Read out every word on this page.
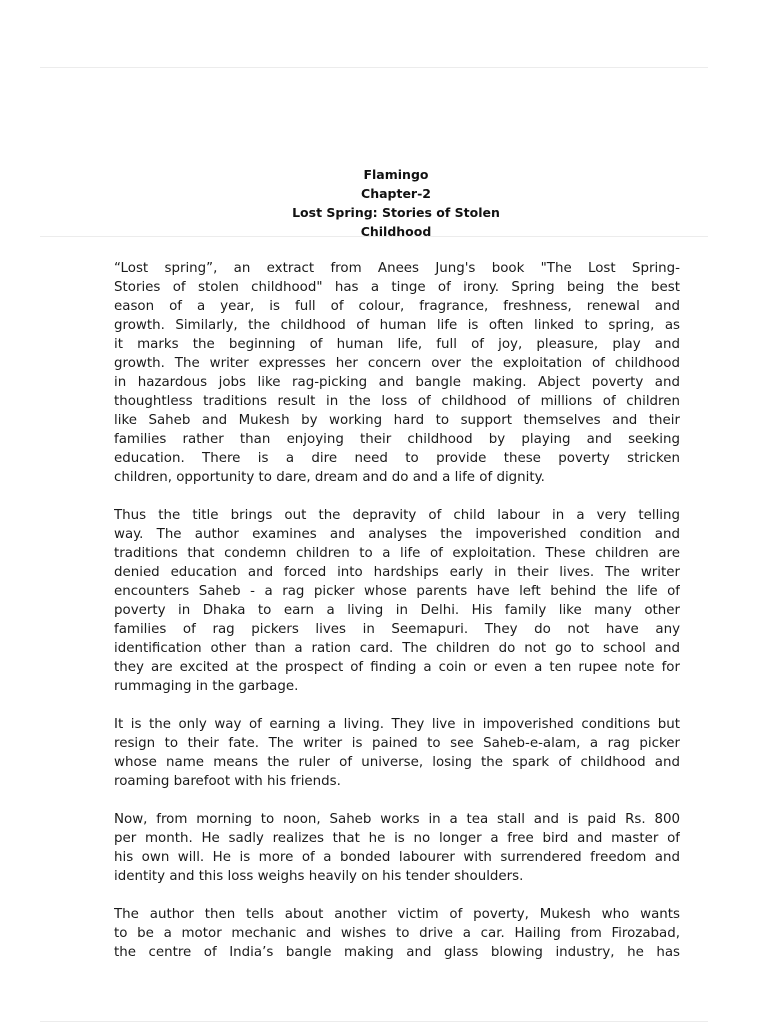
Flamingo
Chapter-2
Lost Spring: Stories of Stolen
Childhood
“Lost spring”, an extract from Anees Jung's book "The Lost Spring-
Stories of stolen childhood" has a tinge of irony. Spring being the best
eason of a year, is full of colour, fragrance, freshness, renewal and
growth. Similarly, the childhood of human life is often linked to spring, as
it marks the beginning of human life, full of joy, pleasure, play and
growth. The writer expresses her concern over the exploitation of childhood
in hazardous jobs like rag-picking and bangle making. Abject poverty and
thoughtless traditions result in the loss of childhood of millions of children
like Saheb and Mukesh by working hard to support themselves and their
families rather than enjoying their childhood by playing and seeking
education. There is a dire need to provide these poverty stricken
children, opportunity to dare, dream and do and a life of dignity.
Thus the title brings out the depravity of child labour in a very telling
way. The author examines and analyses the impoverished condition and
traditions that condemn children to a life of exploitation. These children are
denied education and forced into hardships early in their lives. The writer
encounters Saheb - a rag picker whose parents have left behind the life of
poverty in Dhaka to earn a living in Delhi. His family like many other
families of rag pickers lives in Seemapuri. They do not have any
identification other than a ration card. The children do not go to school and
they are excited at the prospect of finding a coin or even a ten rupee note for
rummaging in the garbage.
It is the only way of earning a living. They live in impoverished conditions but
resign to their fate. The writer is pained to see Saheb-e-alam, a rag picker
whose name means the ruler of universe, losing the spark of childhood and
roaming barefoot with his friends.
Now, from morning to noon, Saheb works in a tea stall and is paid Rs. 800
per month. He sadly realizes that he is no longer a free bird and master of
his own will. He is more of a bonded labourer with surrendered freedom and
identity and this loss weighs heavily on his tender shoulders.
The author then tells about another victim of poverty, Mukesh who wants
to be a motor mechanic and wishes to drive a car. Hailing from Firozabad,
the centre of India’s bangle making and glass blowing industry, he has
